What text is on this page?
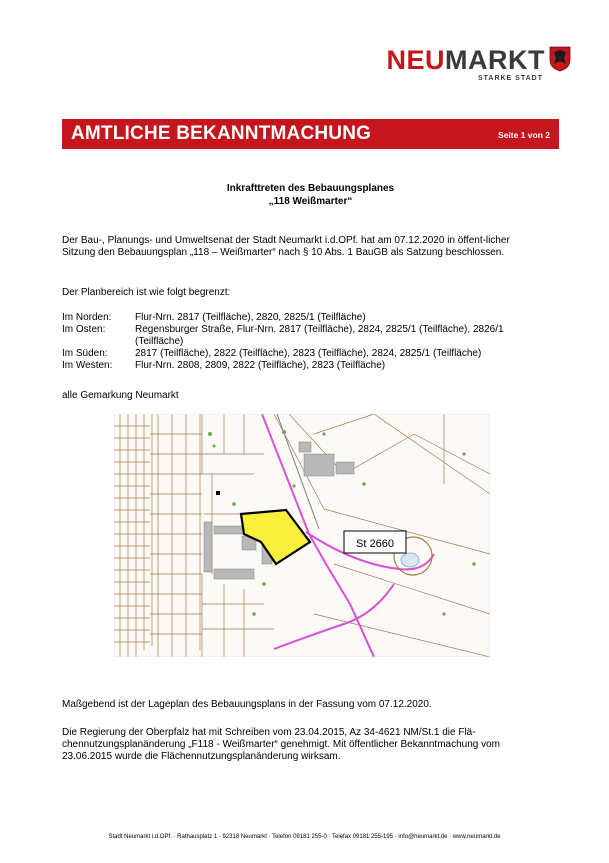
NEUMARKT
STARKE STADT
AMTLICHE BEKANNTMACHUNG	Seite 1 von 2
Inkrafttreten des Bebauungsplanes
„118 Weißmarter“
Der Bau-, Planungs- und Umweltsenat der Stadt Neumarkt i.d.OPf. hat am 07.12.2020 in öffent-licher Sitzung den Bebauungsplan „118 – Weißmarter“ nach § 10 Abs. 1 BauGB als Satzung beschlossen.
Der Planbereich ist wie folgt begrenzt:
Im Norden:	Flur-Nrn. 2817 (Teilfläche), 2820, 2825/1 (Teilfläche)
Im Osten:	Regensburger Straße, Flur-Nrn. 2817 (Teilfläche), 2824, 2825/1 (Teilfläche), 2826/1 (Teilfläche)
Im Süden:	2817 (Teilfläche), 2822 (Teilfläche), 2823 (Teilfläche), 2824, 2825/1 (Teilfläche)
Im Westen:	Flur-Nrn. 2808, 2809, 2822 (Teilfläche), 2823 (Teilfläche)
alle Gemarkung Neumarkt
St 2660
Maßgebend ist der Lageplan des Bebauungsplans in der Fassung vom 07.12.2020.
Die Regierung der Oberpfalz hat mit Schreiben vom 23.04.2015, Az 34-4621 NM/St.1 die Flä-chennutzungsplanänderung „F118 - Weißmarter“ genehmigt. Mit öffentlicher Bekanntmachung vom 23.06.2015 wurde die Flächennutzungsplanänderung wirksam.
Stadt Neumarkt i.d.OPf. · Rathausplatz 1 · 92318 Neumarkt · Telefon 09181 255-0 · Telefax 09181 255-195 · info@neumarkt.de · www.neumarkt.de
